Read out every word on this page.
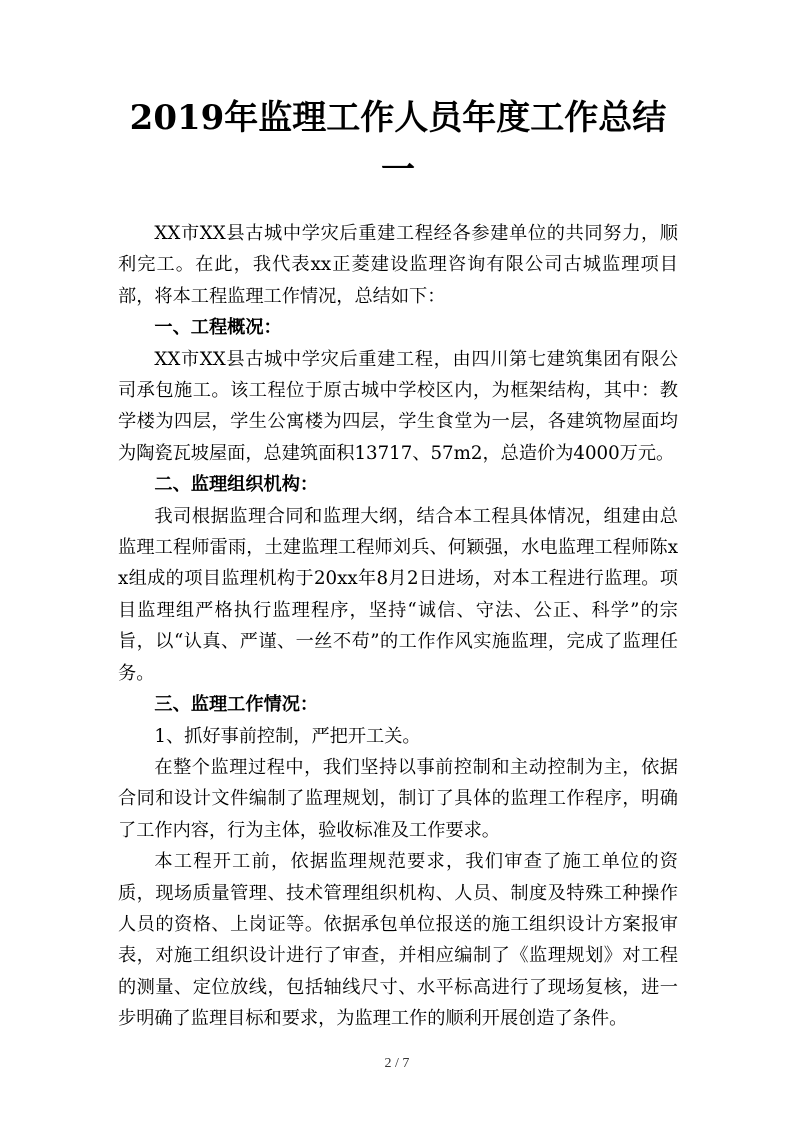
2019年监理工作人员年度工作总结一

XX市XX县古城中学灾后重建工程经各参建单位的共同努力，顺利完工。在此，我代表xx正菱建设监理咨询有限公司古城监理项目部，将本工程监理工作情况，总结如下：

一、工程概况：

XX市XX县古城中学灾后重建工程，由四川第七建筑集团有限公司承包施工。该工程位于原古城中学校区内，为框架结构，其中：教学楼为四层，学生公寓楼为四层，学生食堂为一层，各建筑物屋面均为陶瓷瓦坡屋面，总建筑面积13717、57m2，总造价为4000万元。

二、监理组织机构：

我司根据监理合同和监理大纲，结合本工程具体情况，组建由总监理工程师雷雨，土建监理工程师刘兵、何颖强，水电监理工程师陈xx组成的项目监理机构于20xx年8月2日进场，对本工程进行监理。项目监理组严格执行监理程序，坚持“诚信、守法、公正、科学”的宗旨，以“认真、严谨、一丝不苟”的工作作风实施监理，完成了监理任务。

三、监理工作情况：

1、抓好事前控制，严把开工关。

在整个监理过程中，我们坚持以事前控制和主动控制为主，依据合同和设计文件编制了监理规划，制订了具体的监理工作程序，明确了工作内容，行为主体，验收标准及工作要求。

本工程开工前，依据监理规范要求，我们审查了施工单位的资质，现场质量管理、技术管理组织机构、人员、制度及特殊工种操作人员的资格、上岗证等。依据承包单位报送的施工组织设计方案报审表，对施工组织设计进行了审查，并相应编制了《监理规划》对工程的测量、定位放线，包括轴线尺寸、水平标高进行了现场复核，进一步明确了监理目标和要求，为监理工作的顺利开展创造了条件。

2 / 7
